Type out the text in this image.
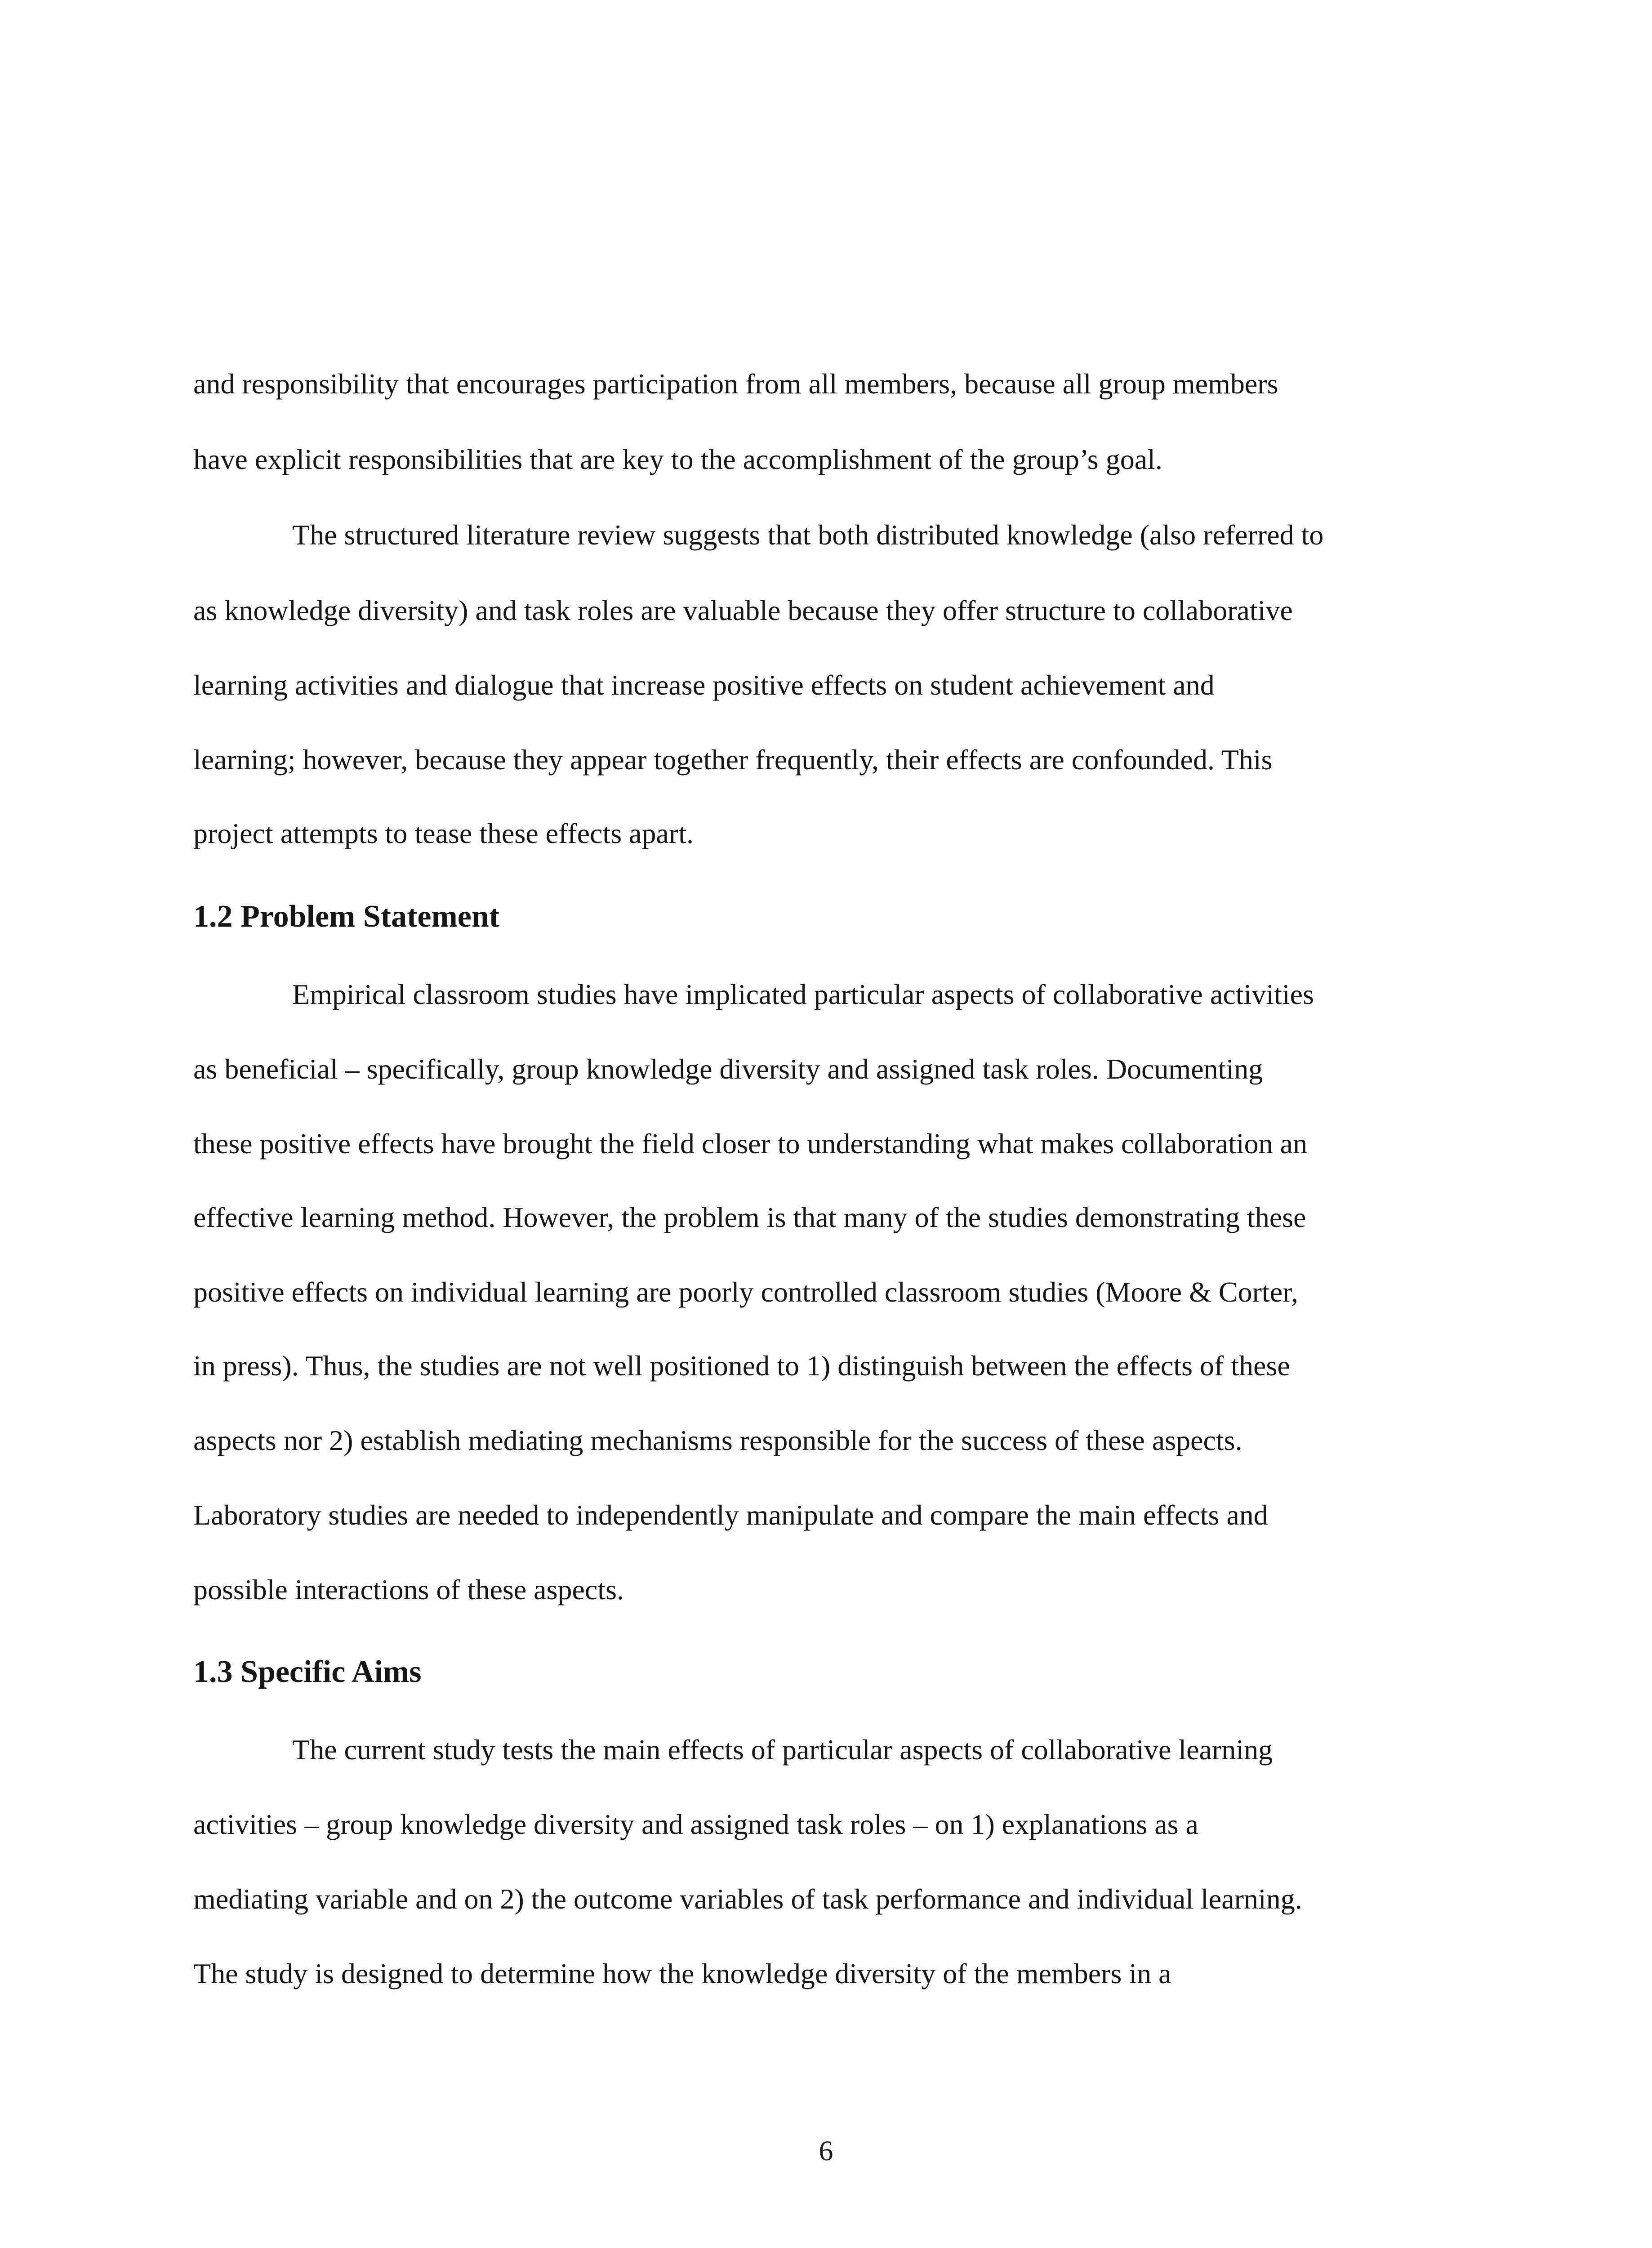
and responsibility that encourages participation from all members, because all group members

have explicit responsibilities that are key to the accomplishment of the group’s goal.

The structured literature review suggests that both distributed knowledge (also referred to

as knowledge diversity) and task roles are valuable because they offer structure to collaborative

learning activities and dialogue that increase positive effects on student achievement and

learning; however, because they appear together frequently, their effects are confounded. This

project attempts to tease these effects apart.

1.2 Problem Statement

Empirical classroom studies have implicated particular aspects of collaborative activities

as beneficial – specifically, group knowledge diversity and assigned task roles. Documenting

these positive effects have brought the field closer to understanding what makes collaboration an

effective learning method. However, the problem is that many of the studies demonstrating these

positive effects on individual learning are poorly controlled classroom studies (Moore & Corter,

in press). Thus, the studies are not well positioned to 1) distinguish between the effects of these

aspects nor 2) establish mediating mechanisms responsible for the success of these aspects.

Laboratory studies are needed to independently manipulate and compare the main effects and

possible interactions of these aspects.

1.3 Specific Aims

The current study tests the main effects of particular aspects of collaborative learning

activities – group knowledge diversity and assigned task roles – on 1) explanations as a

mediating variable and on 2) the outcome variables of task performance and individual learning.

The study is designed to determine how the knowledge diversity of the members in a

6
